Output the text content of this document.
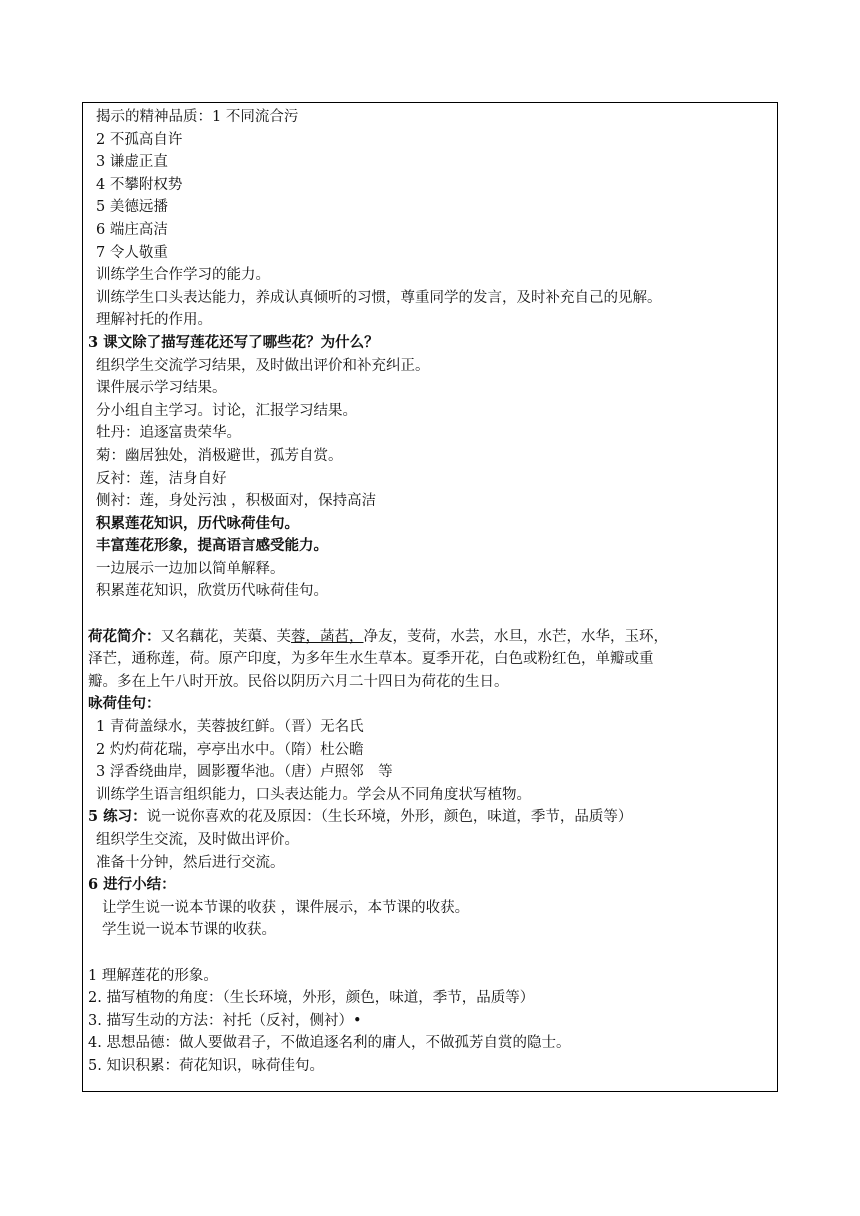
揭示的精神品质：1 不同流合污
2 不孤高自许
3 谦虚正直
4 不攀附权势
5 美德远播
6 端庄高洁
7 令人敬重
训练学生合作学习的能力。
训练学生口头表达能力，养成认真倾听的习惯，尊重同学的发言，及时补充自己的见解。
理解衬托的作用。
3 课文除了描写莲花还写了哪些花？为什么？
组织学生交流学习结果，及时做出评价和补充纠正。
课件展示学习结果。
分小组自主学习。讨论，汇报学习结果。
牡丹：追逐富贵荣华。
菊：幽居独处，消极避世，孤芳自赏。
反衬：莲，洁身自好
侧衬：莲，身处污浊 ，积极面对，保持高洁
积累莲花知识，历代咏荷佳句。
丰富莲花形象，提高语言感受能力。
一边展示一边加以简单解释。
积累莲花知识，欣赏历代咏荷佳句。
荷花简介：又名藕花，芙蕖、芙蓉，菡萏，净友，芰荷，水芸，水旦，水芒，水华，玉环，
泽芒，通称莲，荷。原产印度，为多年生水生草本。夏季开花，白色或粉红色，单瓣或重
瓣。多在上午八时开放。民俗以阴历六月二十四日为荷花的生日。
咏荷佳句：
1 青荷盖绿水，芙蓉披红鲜。（晋）无名氏
2 灼灼荷花瑞，亭亭出水中。（隋）杜公瞻
3 浮香绕曲岸，圆影覆华池。（唐）卢照邻　等
训练学生语言组织能力，口头表达能力。学会从不同角度状写植物。
5 练习：说一说你喜欢的花及原因：（生长环境，外形，颜色，味道，季节，品质等）
组织学生交流，及时做出评价。
准备十分钟，然后进行交流。
6 进行小结：
让学生说一说本节课的收获 ，课件展示，本节课的收获。
学生说一说本节课的收获。
1 理解莲花的形象。
2. 描写植物的角度：（生长环境，外形，颜色，味道，季节，品质等）
3. 描写生动的方法：衬托（反衬，侧衬）•
4. 思想品德：做人要做君子，不做追逐名利的庸人，不做孤芳自赏的隐士。
5. 知识积累：荷花知识，咏荷佳句。
